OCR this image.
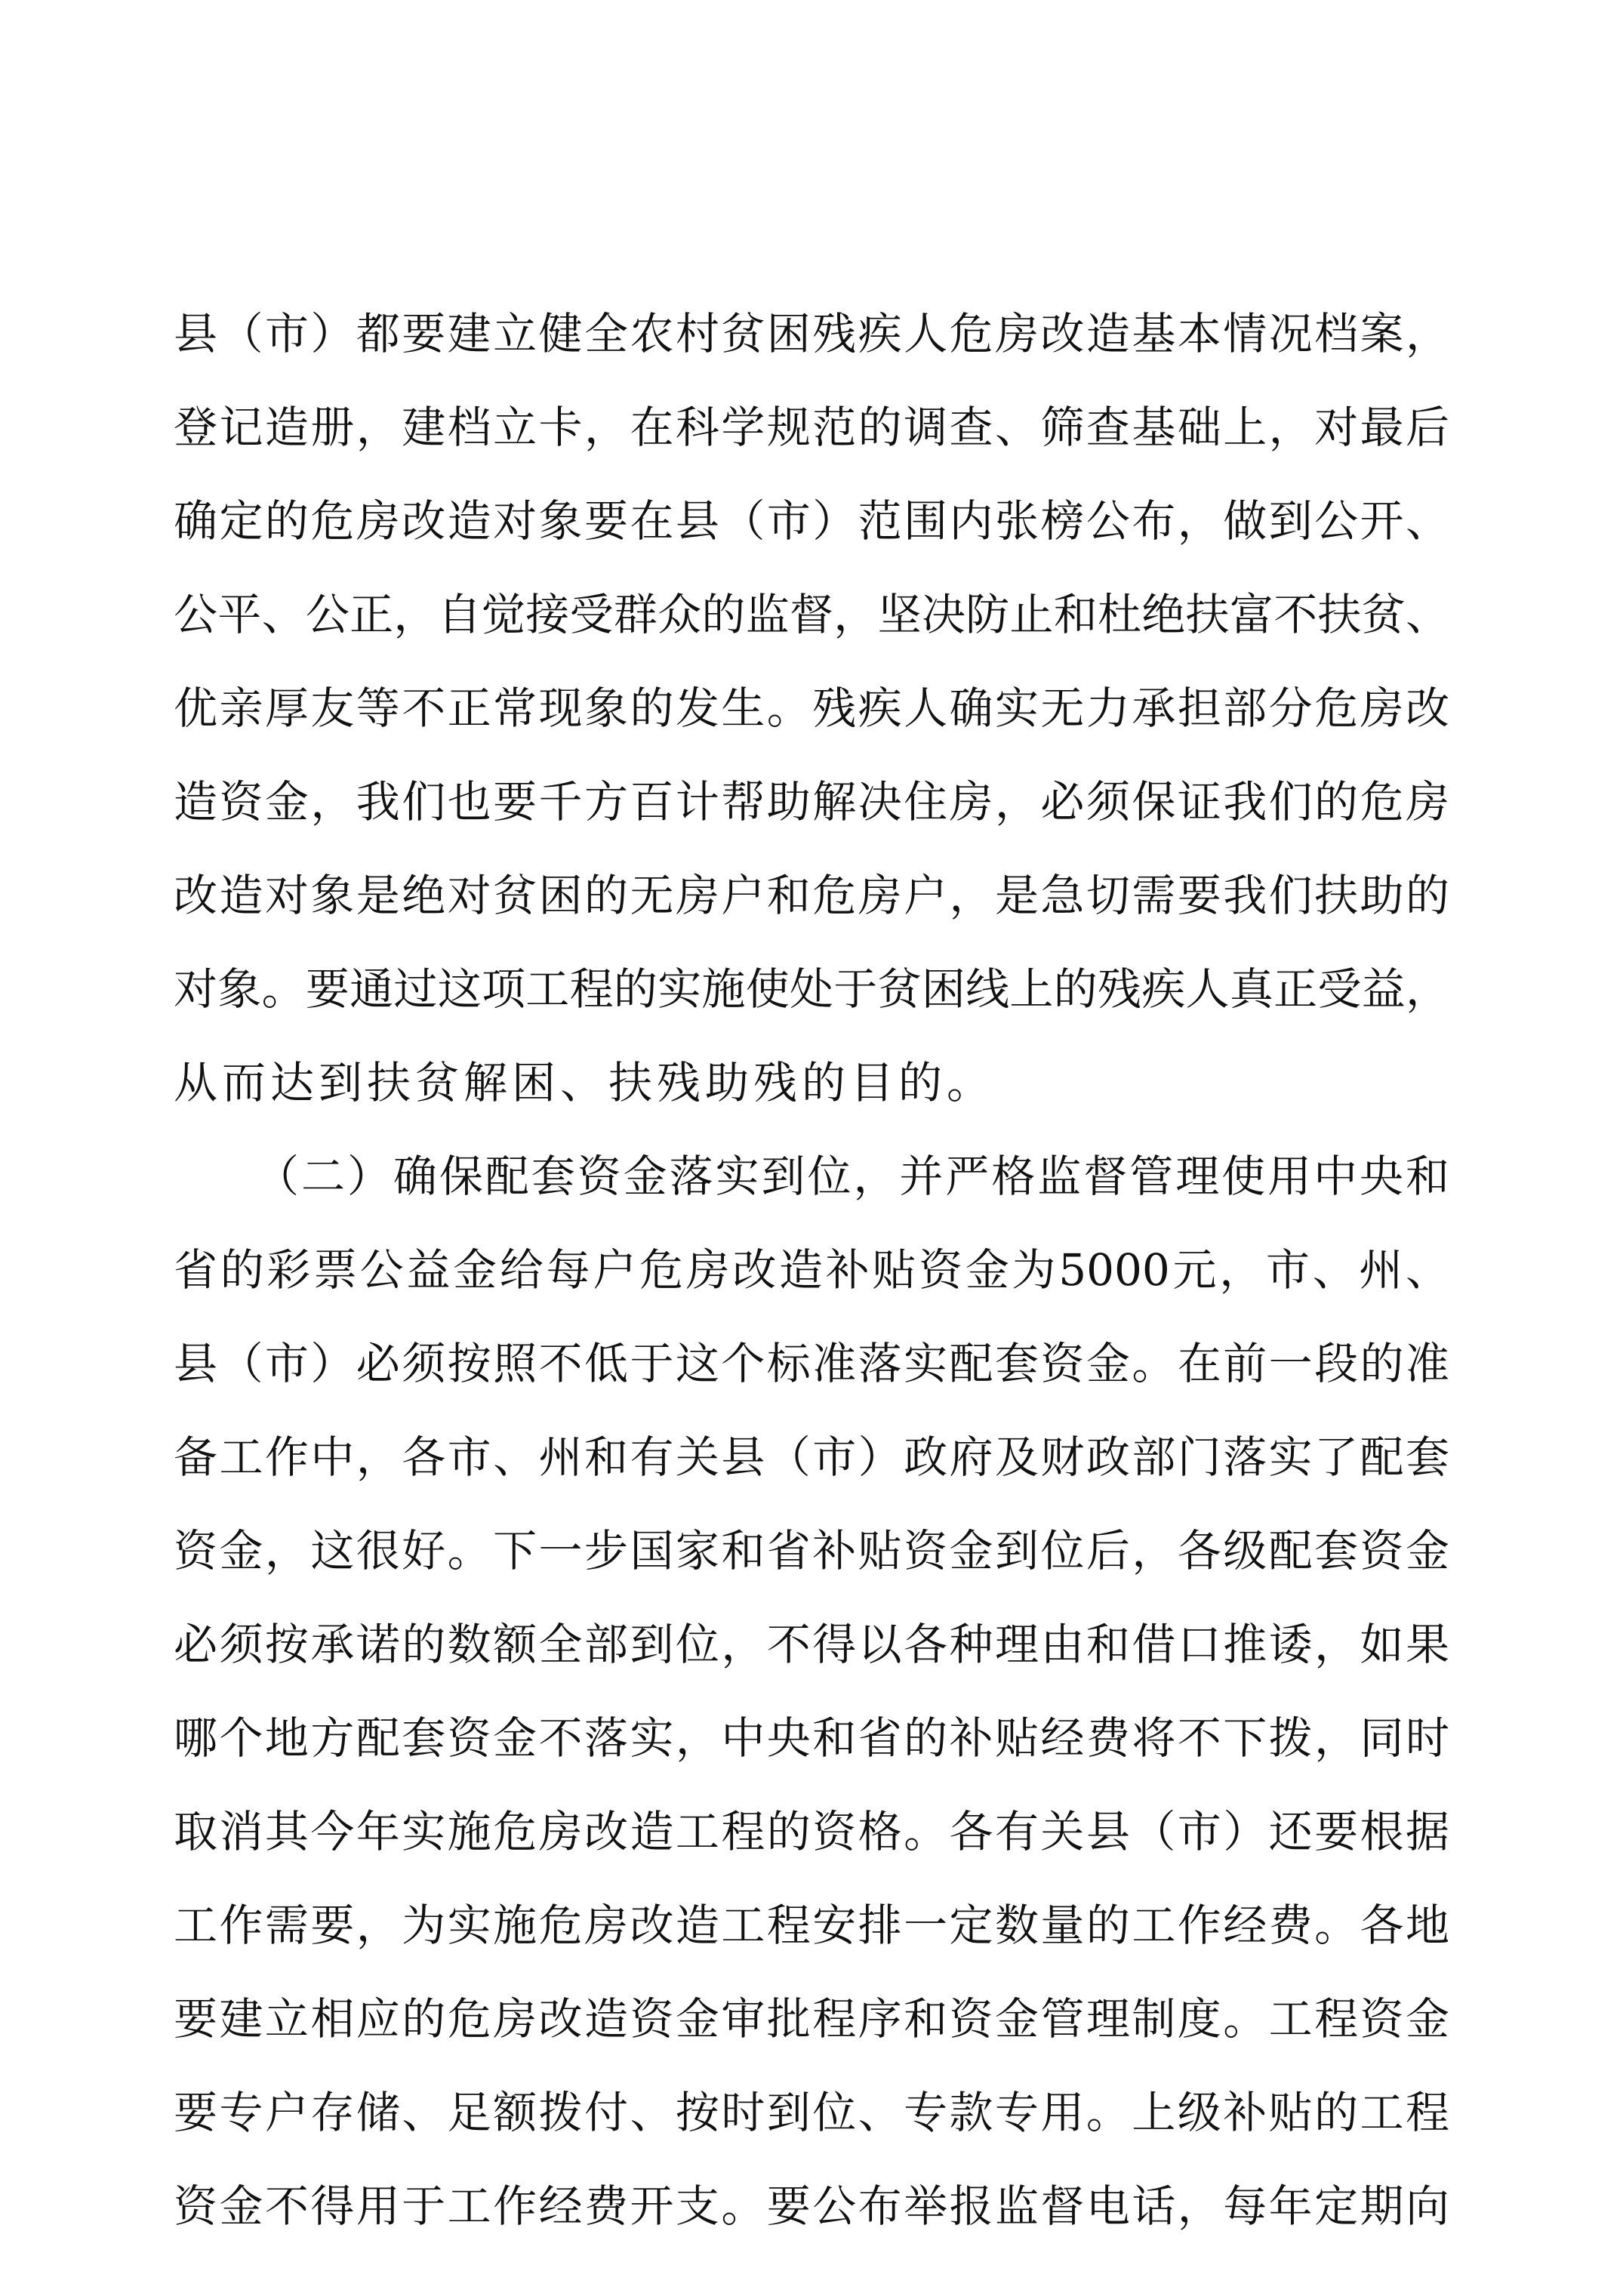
县（市）都要建立健全农村贫困残疾人危房改造基本情况档案，
登记造册，建档立卡，在科学规范的调查、筛查基础上，对最后
确定的危房改造对象要在县（市）范围内张榜公布，做到公开、
公平、公正，自觉接受群众的监督，坚决防止和杜绝扶富不扶贫、
优亲厚友等不正常现象的发生。残疾人确实无力承担部分危房改
造资金，我们也要千方百计帮助解决住房，必须保证我们的危房
改造对象是绝对贫困的无房户和危房户，是急切需要我们扶助的
对象。要通过这项工程的实施使处于贫困线上的残疾人真正受益，
从而达到扶贫解困、扶残助残的目的。
（二）确保配套资金落实到位，并严格监督管理使用中央和
省的彩票公益金给每户危房改造补贴资金为5000元，市、州、
县（市）必须按照不低于这个标准落实配套资金。在前一段的准
备工作中，各市、州和有关县（市）政府及财政部门落实了配套
资金，这很好。下一步国家和省补贴资金到位后，各级配套资金
必须按承诺的数额全部到位，不得以各种理由和借口推诿，如果
哪个地方配套资金不落实，中央和省的补贴经费将不下拨，同时
取消其今年实施危房改造工程的资格。各有关县（市）还要根据
工作需要，为实施危房改造工程安排一定数量的工作经费。各地
要建立相应的危房改造资金审批程序和资金管理制度。工程资金
要专户存储、足额拨付、按时到位、专款专用。上级补贴的工程
资金不得用于工作经费开支。要公布举报监督电话，每年定期向
